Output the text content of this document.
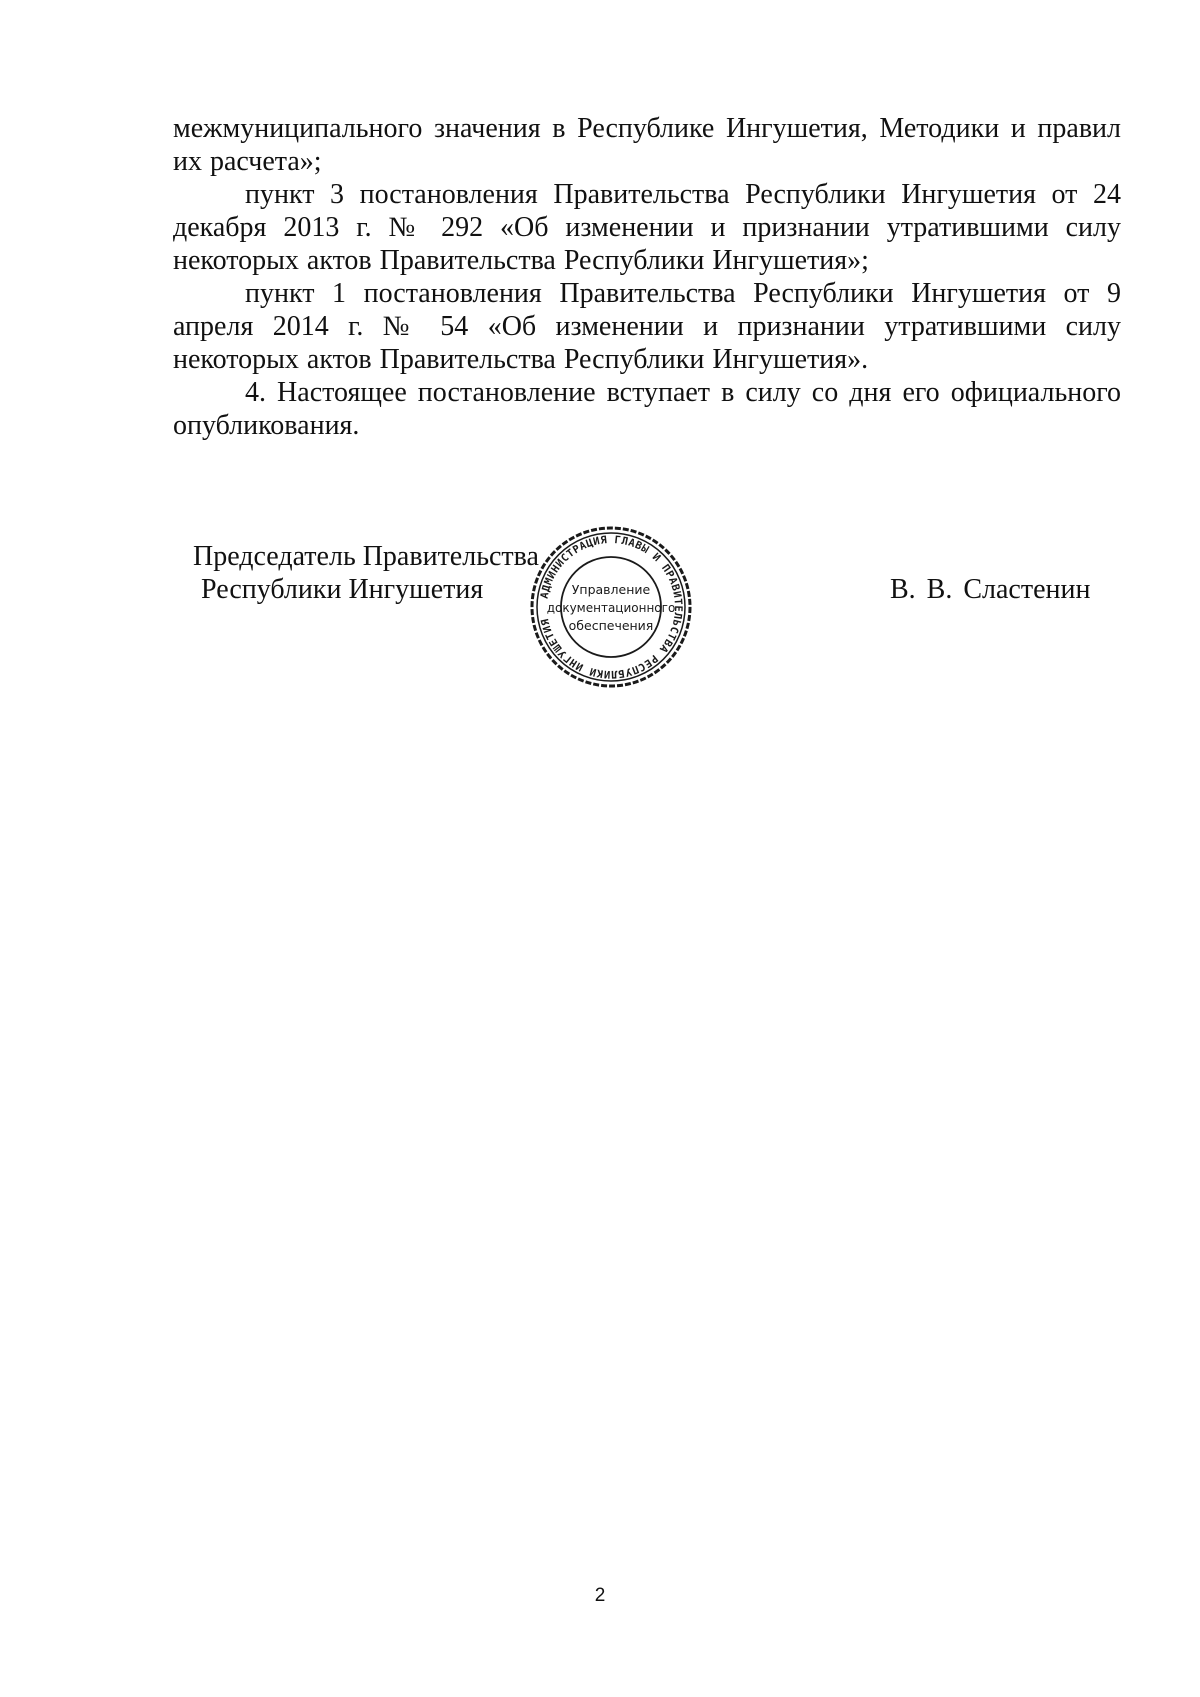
межмуниципального значения в Республике Ингушетия, Методики и правил их расчета»;

пункт 3 постановления Правительства Республики Ингушетия от 24 декабря 2013 г. № 292 «Об изменении и признании утратившими силу некоторых актов Правительства Республики Ингушетия»;

пункт 1 постановления Правительства Республики Ингушетия от 9 апреля 2014 г. № 54 «Об изменении и признании утратившими силу некоторых актов Правительства Республики Ингушетия».

4. Настоящее постановление вступает в силу со дня его официального опубликования.

Председатель Правительства
Республики Ингушетия	АДМИНИСТРАЦИЯ ГЛАВЫ И ПРАВИТЕЛЬСТВА РЕСПУБЛИКИ ИНГУШЕТИЯ
Управление
документационного
обеспечения
В. В. Сластенин
2
